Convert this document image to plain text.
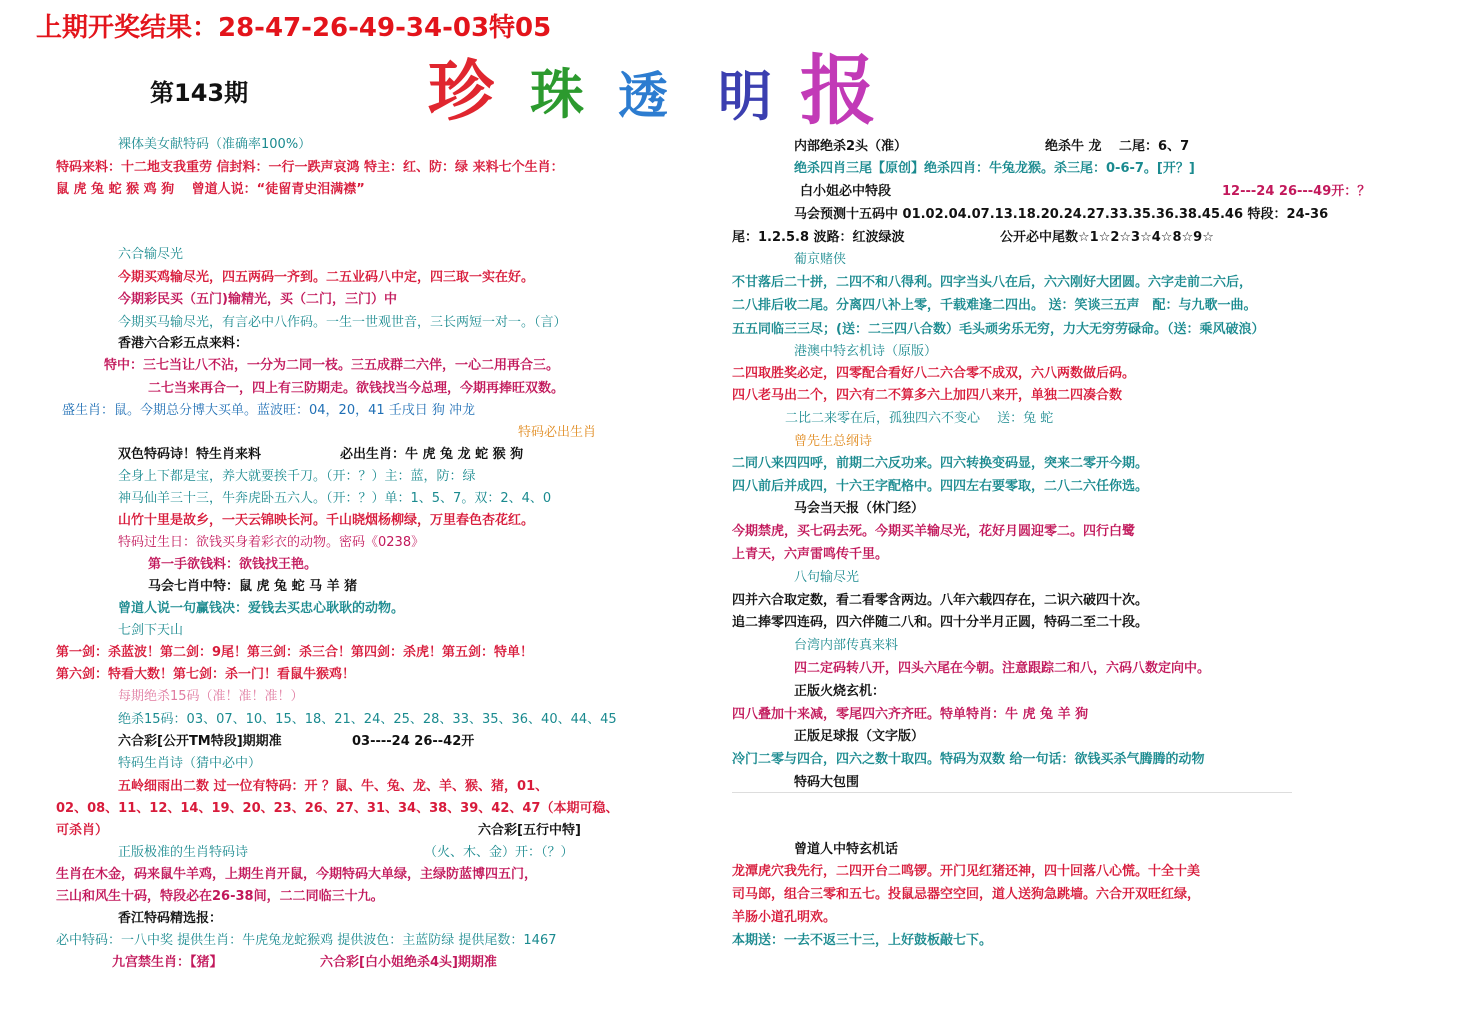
上期开奖结果：28-47-26-49-34-03特05
第143期	珍 珠 透 明 报
裸体美女献特码（准确率100%）
特码来料：十二地支我重劳 信封料：一行一跌声哀鸿 特主：红、防：绿 来料七个生肖：
鼠 虎 兔 蛇 猴 鸡 狗　 曾道人说：“徒留青史泪满襟”
六合输尽光
今期买鸡输尽光，四五两码一齐到。二五业码八中定，四三取一实在好。
今期彩民买（五门)输精光，买（二门，三门）中
今期买马输尽光，有言必中八作码。一生一世观世音，三长两短一对一。（言）
香港六合彩五点来料：
特中：三七当让八不沾，一分为二同一枝。三五成群二六伴，一心二用再合三。
二七当来再合一，四上有三防期走。欲钱找当今总理，今期再捧旺双数。
盛生肖：鼠。今期总分博大买单。蓝波旺：04，20，41 壬戌日 狗 冲龙
特码必出生肖
双色特码诗！特生肖来料	必出生肖：牛 虎 兔 龙 蛇 猴 狗
全身上下都是宝，养大就要挨千刀。（开：？）主：蓝，防：绿
神马仙羊三十三，牛奔虎卧五六人。（开：？）单：1、5、7。双：2、4、0
山竹十里是故乡，一天云锦映长河。千山晓烟杨柳绿，万里春色杏花红。
特码过生日：欲钱买身着彩衣的动物。密码《0238》
第一手欲钱料：欲钱找王艳。
马会七肖中特：鼠 虎 兔 蛇 马 羊 猪
曾道人说一句赢钱决：爱钱去买忠心耿耿的动物。
七剑下天山
第一剑：杀蓝波！第二剑：9尾！第三剑：杀三合！第四剑：杀虎！第五剑：特单！
第六剑：特看大数！第七剑：杀一门！看鼠牛猴鸡！
每期绝杀15码（准！准！准！）
绝杀15码：03、07、10、15、18、21、24、25、28、33、35、36、40、44、45
六合彩[公开TM特段]期期准	03----24 26--42开
特码生肖诗（猜中必中）
五岭细雨出二数 过一位有特码：开 ？鼠、牛、兔、龙、羊、猴、猪，01、
02、08、11、12、14、19、20、23、26、27、31、34、38、39、42、47（本期可稳、
可杀肖）	六合彩[五行中特]
正版极准的生肖特码诗	（火、木、金）开：（？）
生肖在木金，码来鼠牛羊鸡，上期生肖开鼠，今期特码大单绿，主绿防蓝博四五门，
三山和风生十码，特段必在26-38间，二二同临三十九。
香江特码精选报：
必中特码：一八中奖 提供生肖：牛虎兔龙蛇猴鸡 提供波色：主蓝防绿 提供尾数：1467
九宫禁生肖：【猪】	六合彩[白小姐绝杀4头]期期准
内部绝杀2头（准）	绝杀牛 龙　 二尾：6、7
绝杀四肖三尾【原创】绝杀四肖：牛兔龙猴。杀三尾：0-6-7。[开？]
白小姐必中特段	12---24 26---49开：？
马会预测十五码中 01.02.04.07.13.18.20.24.27.33.35.36.38.45.46 特段：24-36
尾：1.2.5.8 波路：红波绿波	公开必中尾数☆1☆2☆3☆4☆8☆9☆
葡京赌侠
不甘落后二十拼，二四不和八得利。四字当头八在后，六六刚好大团圆。六字走前二六后，
二八排后收二尾。分离四八补上零，千载难逢二四出。 送：笑谈三五声　配：与九歌一曲。
五五同临三三尽；(送：二三四八合数）毛头顽劣乐无穷，力大无穷劳碌命。（送：乘风破浪）
港澳中特玄机诗（原版）
二四取胜奖必定，四零配合看好八二六合零不成双，六八两数做后码。
四八老马出二个，四六有二不算多六上加四八来开，单独二四凑合数
二比二来零在后，孤独四六不变心　 送：兔 蛇
曾先生总纲诗
二同八来四四呼，前期二六反功来。四六转换变码显，突来二零开今期。
四八前后并成四，十六王字配格中。四四左右要零取，二八二六任你选。
马会当天报（休门经）
今期禁虎，买七码去死。今期买羊输尽光，花好月圆迎零二。四行白鹭
上青天，六声雷鸣传千里。
八句输尽光
四并六合取定数，看二看零含两边。八年六载四存在，二识六破四十次。
追二捧零四连码，四六伴随二八和。四十分半月正圆，特码二至二十段。
台湾内部传真来料
四二定码转八开，四头六尾在今朝。注意跟踪二和八，六码八数定向中。
正版火烧玄机：
四八叠加十来减，零尾四六齐齐旺。特单特肖：牛 虎 兔 羊 狗
正版足球报（文字版）
冷门二零与四合，四六之数十取四。特码为双数 给一句话：欲钱买杀气腾腾的动物
特码大包围
曾道人中特玄机话
龙潭虎穴我先行，二四开台二鸣锣。开门见红猪还神，四十回落八心慌。十全十美
司马郎，组合三零和五七。投鼠忌器空空回，道人送狗急跳墙。六合开双旺红绿，
羊肠小道孔明欢。
本期送：一去不返三十三，上好鼓板敲七下。
